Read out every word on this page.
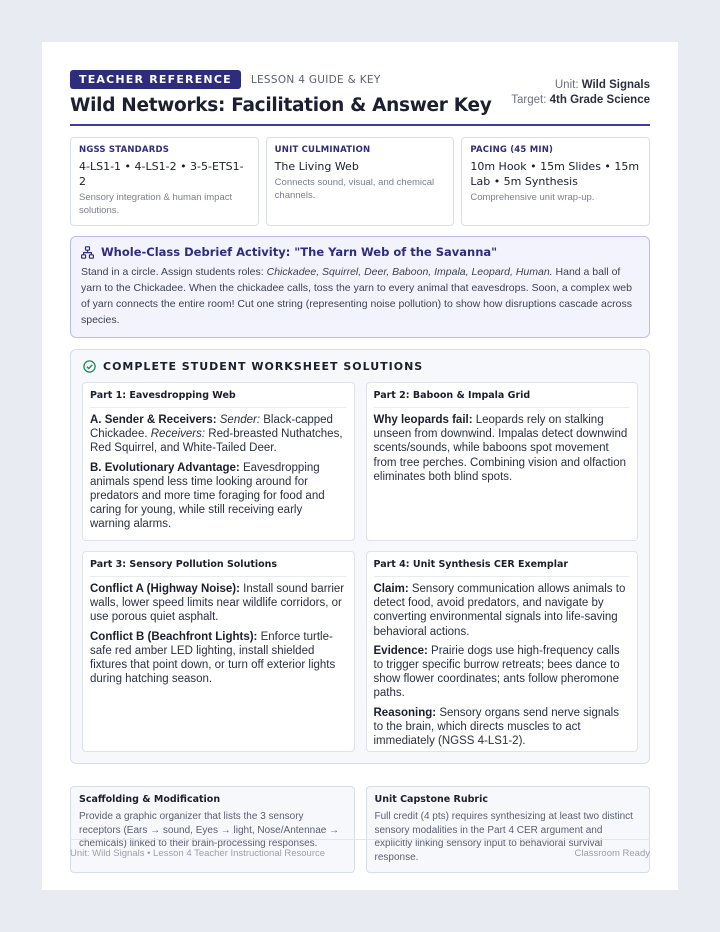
TEACHER REFERENCE	LESSON 4 GUIDE & KEY
Wild Networks: Facilitation & Answer Key
Unit: Wild Signals
Target: 4th Grade Science
NGSS STANDARDS
4-LS1-1 • 4-LS1-2 • 3-5-ETS1-2
Sensory integration & human impact solutions.
UNIT CULMINATION
The Living Web
Connects sound, visual, and chemical channels.
PACING (45 MIN)
10m Hook • 15m Slides • 15m Lab • 5m Synthesis
Comprehensive unit wrap-up.
Whole-Class Debrief Activity: "The Yarn Web of the Savanna"
Stand in a circle. Assign students roles: Chickadee, Squirrel, Deer, Baboon, Impala, Leopard, Human. Hand a ball of yarn to the Chickadee. When the chickadee calls, toss the yarn to every animal that eavesdrops. Soon, a complex web of yarn connects the entire room! Cut one string (representing noise pollution) to show how disruptions cascade across species.
COMPLETE STUDENT WORKSHEET SOLUTIONS
Part 1: Eavesdropping Web
A. Sender & Receivers: Sender: Black-capped Chickadee. Receivers: Red-breasted Nuthatches, Red Squirrel, and White-Tailed Deer.
B. Evolutionary Advantage: Eavesdropping animals spend less time looking around for predators and more time foraging for food and caring for young, while still receiving early warning alarms.
Part 2: Baboon & Impala Grid
Why leopards fail: Leopards rely on stalking unseen from downwind. Impalas detect downwind scents/sounds, while baboons spot movement from tree perches. Combining vision and olfaction eliminates both blind spots.
Part 3: Sensory Pollution Solutions
Conflict A (Highway Noise): Install sound barrier walls, lower speed limits near wildlife corridors, or use porous quiet asphalt.
Conflict B (Beachfront Lights): Enforce turtle-safe red amber LED lighting, install shielded fixtures that point down, or turn off exterior lights during hatching season.
Part 4: Unit Synthesis CER Exemplar
Claim: Sensory communication allows animals to detect food, avoid predators, and navigate by converting environmental signals into life-saving behavioral actions.
Evidence: Prairie dogs use high-frequency calls to trigger specific burrow retreats; bees dance to show flower coordinates; ants follow pheromone paths.
Reasoning: Sensory organs send nerve signals to the brain, which directs muscles to act immediately (NGSS 4-LS1-2).
Scaffolding & Modification
Provide a graphic organizer that lists the 3 sensory receptors (Ears → sound, Eyes → light, Nose/Antennae → chemicals) linked to their brain-processing responses.
Unit Capstone Rubric
Full credit (4 pts) requires synthesizing at least two distinct sensory modalities in the Part 4 CER argument and explicitly linking sensory input to behavioral survival response.
Unit: Wild Signals • Lesson 4 Teacher Instructional Resource	Classroom Ready
